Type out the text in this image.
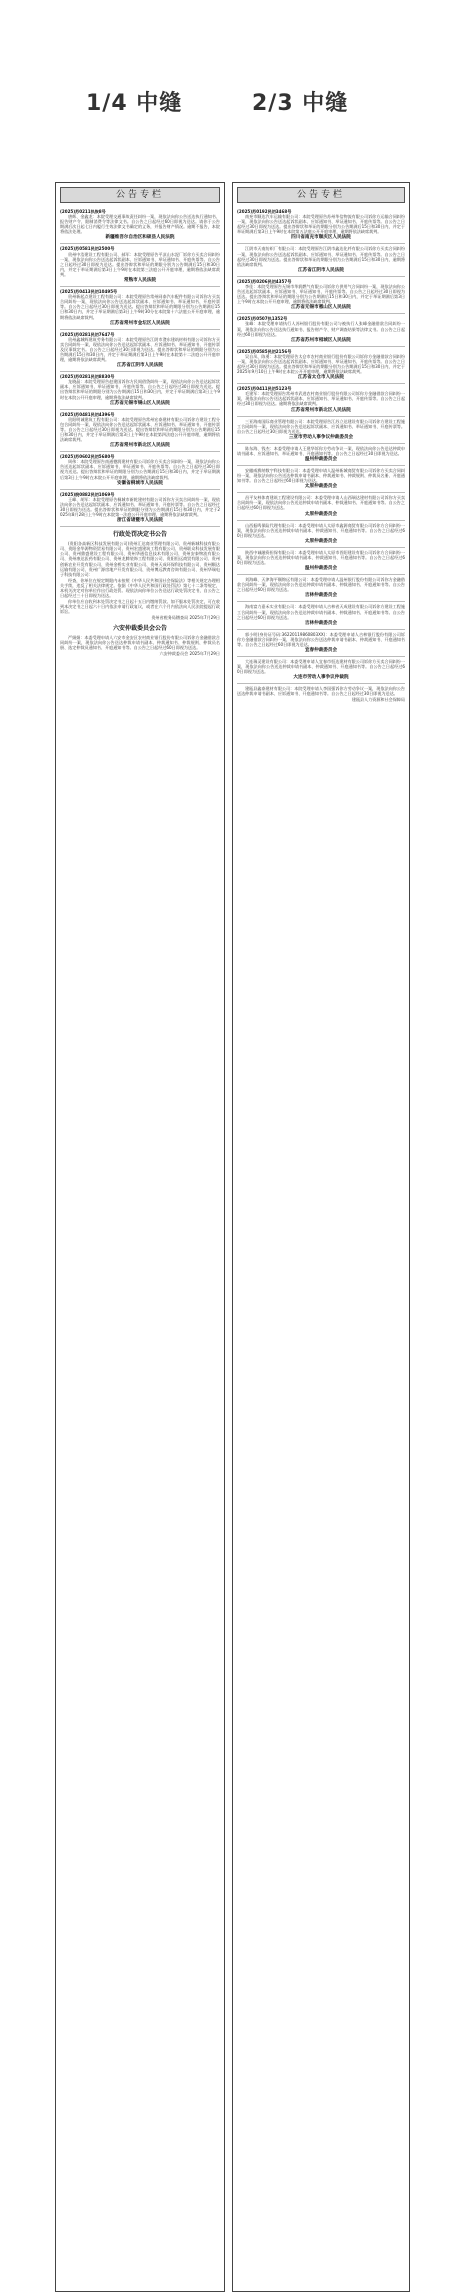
1/4 中缝	2/3 中缝
公告专栏
(2025)苏0211执恢8号

唐辉、金鑫龙：本院受理交通事故责任纠纷一案，现依法向你公告送达执行通知书、报告财产令、限制消费令等法律文书。自公告之日起经过60日即视为送达。请你于公告期满后次日起七日内履行生效法律文书确定的义务，并报告财产情况。逾期不报告，本院将依法处理。

新疆维吾尔自治区和硕县人民法院
(2025)苏0581民初2500号

贵州中浩建设工程有限公司、郝军：本院受理原告平凉山水泥厂诉你方买卖合同纠纷一案，现依法向你公告送达起诉状副本、应诉通知书、举证通知书、开庭传票等。自公告之日起经过30日即视为送达。提出答辩状和举证的期限分别为公告期满后15日和30日内，并定于举证期满后第3日上午9时在本院第三法庭公开开庭审理，逾期将依法缺席裁判。

常熟市人民法院
(2025)苏0413民初10495号

贵州新起点建设工程有限公司：本院受理原告常州同泰汽车配件有限公司诉你方买卖合同纠纷一案，现依法向你公告送达起诉状副本、应诉通知书、举证通知书、开庭传票等。自公告之日起经过30日即视为送达。提出答辩状和举证的期限分别为公告期满后15日和30日内，并定于举证期满后第3日上午9时30分在本院第十六法庭公开开庭审理，逾期将依法缺席裁判。

江苏省常州市金坛区人民法院
(2025)苏0281民初7647号

贵州鑫城辉建筑劳务有限公司：本院受理原告江阴市澄东建筑材料有限公司诉你方买卖合同纠纷一案，现依法向你公告送达起诉状副本、应诉通知书、举证通知书、开庭传票及民事裁定书。自公告之日起经过30日即视为送达。提出答辩状和举证的期限分别为公告期满后15日和30日内，并定于举证期满后第3日上午9时在本院第十二法庭公开开庭审理，逾期将依法缺席裁判。

江苏省江阴市人民法院
(2025)苏0281民初8830号

龙晓晶：本院受理原告赵建国诉你方民间借贷纠纷一案，现依法向你公告送达起诉状副本、应诉通知书、举证通知书、开庭传票等。自公告之日起经过30日即视为送达。提出答辩状和举证的期限分别为公告期满后15日和30日内，并定于举证期满后第3日上午9时在本院公开开庭审理，逾期将依法缺席裁判。

江苏省无锡市锡山区人民法院
(2025)苏0481民初4396号

贵阳明诚建筑工程有限公司：本院受理原告常州宏泰建材有限公司诉你方建设工程分包合同纠纷一案，现依法向你公告送达起诉状副本、应诉通知书、举证通知书、开庭传票等。自公告之日起经过30日即视为送达。提出答辩状和举证的期限分别为公告期满后15日和30日内，并定于举证期满后第3日上午9时在本院第四法庭公开开庭审理，逾期将依法缺席裁判。

江苏省常州市新北区人民法院
(2025)苏0602民初5680号

周伟：本院受理原告南通德润建材有限公司诉你方买卖合同纠纷一案，现依法向你公告送达起诉状副本、应诉通知书、举证通知书、开庭传票等。自公告之日起经过30日即视为送达。提出答辩状和举证的期限分别为公告期满后15日和30日内，并定于举证期满后第3日上午9时在本院公开开庭审理，逾期将依法缺席裁判。

安徽省桐城市人民法院
(2025)皖0882民初1069号

王峰、胡军：本院受理原告桐城市新乾建材有限公司诉你方买卖合同纠纷一案，现依法向你公告送达起诉状副本、应诉通知书、举证通知书、开庭传票等。自公告之日起经过30日即视为送达。提出答辩状和举证的期限分别为公告期满后15日和30日内，并定于2025年8月28日上午9时在本院第一法庭公开开庭审理，逾期将依法缺席裁判。

浙江省诸暨市人民法院
行政处罚决定书公告

(贵阳各高新区科技发展有限公司)贵州汇达商业管理有限公司、贵州新城科技有限公司、贵阳金华源物资贸易有限公司、贵州宏盛建筑工程有限公司、贵州联众科技发展有限公司、贵州鼎盛建设工程有限公司、贵州华通信息技术有限公司、贵州安泰物流有限公司、贵州康达医药有限公司、贵州龙腾装饰工程有限公司、贵阳恒远商贸有限公司、贵州创新农业开发有限公司、贵州金桥实业有限公司、贵州天成环保科技有限公司、贵州顺达运输有限公司、贵州广源房地产开发有限公司、贵州博远教育咨询有限公司、贵州华瑞电子科技有限公司：

经查，你单位在规定期限内未按照《中华人民共和国社会保险法》等相关规定办理相关手续，违反了相关法律规定。依据《中华人民共和国行政处罚法》第七十二条等规定，本机关决定对你单位作出行政处罚。现依法向你单位公告送达行政处罚决定书，自公告之日起经过三十日即视为送达。

你单位应自收到本处罚决定书之日起十五日内缴纳罚款。如不服本处罚决定，可在收到本决定书之日起六十日内依法申请行政复议，或者在六个月内依法向人民法院提起行政诉讼。

贵州省税务局稽查局 2025年7月29日
六安仲裁委员会公告

严娟娟：本委受理申请人六安市金安区农村商业银行股份有限公司诉你方金融借款合同纠纷一案，现依法向你公告送达仲裁申请书副本、仲裁通知书、仲裁规则、仲裁员名册、选定仲裁员通知书、开庭通知书等。自公告之日起经过60日即视为送达。

六安仲裁委员会 2025年7月29日
公告专栏
(2025)苏0192民初3468号

南充市顺达汽车运输有限公司：本院受理原告苏州华信物流有限公司诉你方运输合同纠纷一案，现依法向你公告送达起诉状副本、应诉通知书、举证通知书、开庭传票等。自公告之日起经过30日即视为送达。提出答辩状和举证的期限分别为公告期满后15日和30日内，并定于举证期满后第3日上午9时在本院第五法庭公开开庭审理，逾期将依法缺席裁判。

四川省南充市顺庆区人民法院

江阴市天南纺织厂有限公司：本院受理原告江阴市鑫达化纤有限公司诉你方买卖合同纠纷一案，现依法向你公告送达起诉状副本、应诉通知书、举证通知书、开庭传票等。自公告之日起经过30日即视为送达。提出答辩状和举证的期限分别为公告期满后15日和30日内，逾期将依法缺席裁判。

江苏省江阴市人民法院
(2025)苏0206民初4357号

李佳：本院受理原告无锡市华润燃气有限公司诉你方供用气合同纠纷一案，现依法向你公告送达起诉状副本、应诉通知书、举证通知书、开庭传票等。自公告之日起经过30日即视为送达。提出答辩状和举证的期限分别为公告期满后15日和30日内，并定于举证期满后第3日上午9时在本院公开开庭审理，逾期将依法缺席裁判。

江苏省无锡市惠山区人民法院
(2025)苏0507执1352号

张峰：本院受理申请执行人苏州银行股份有限公司与被执行人张峰金融借款合同纠纷一案，现依法向你公告送达执行通知书、报告财产令、财产调查结果等法律文书。自公告之日起经过60日即视为送达。

江苏省苏州市相城区人民法院
(2025)苏0585民初2156号

吴自凤、陈勇：本院受理原告太仓市农村商业银行股份有限公司诉你方金融借款合同纠纷一案，现依法向你公告送达起诉状副本、应诉通知书、举证通知书、开庭传票等。自公告之日起经过30日即视为送达。提出答辩状和举证的期限分别为公告期满后15日和30日内，并定于2025年9月10日上午9时在本院公开开庭审理，逾期将依法缺席裁判。

江苏省太仓市人民法院
(2025)苏0411民初5123号

毛建军：本院受理原告常州市武进农村商业银行股份有限公司诉你方金融借款合同纠纷一案，现依法向你公告送达起诉状副本、应诉通知书、举证通知书、开庭传票等。自公告之日起经过30日即视为送达。逾期将依法缺席裁判。

江苏省常州市新北区人民法院

三亚海南国际商业管理有限公司：本院受理原告江苏立达建设有限公司诉你方建设工程施工合同纠纷一案，现依法向你公告送达起诉状副本、应诉通知书、举证通知书、开庭传票等。自公告之日起经过30日即视为送达。

三亚市劳动人事争议仲裁委员会

陈东海、钱杰：本委受理申请人王建华诉你方劳动争议一案，现依法向你公告送达仲裁申请书副本、应诉通知书、举证通知书、开庭通知书等。自公告之日起经过30日即视为送达。

温州仲裁委员会

安徽威赛纳数字科技有限公司：本委受理申请人温州新城商贸有限公司诉你方买卖合同纠纷一案，现依法向你公告送达仲裁申请书副本、仲裁通知书、仲裁规则、仲裁员名册、开庭通知书等。自公告之日起经过60日即视为送达。

太原仲裁委员会

昌平友林体育建筑工程建设有限公司：本委受理申请人山西瑞达建材有限公司诉你方买卖合同纠纷一案，现依法向你公告送达仲裁申请书副本、仲裁通知书、开庭通知书等。自公告之日起经过60日即视为送达。

太原仲裁委员会

山西振鸣保险代理有限公司：本委受理申请人太原市鑫源商贸有限公司诉你方合同纠纷一案，现依法向你公告送达仲裁申请书副本、仲裁通知书、开庭通知书等。自公告之日起经过60日即视为送达。

太原仲裁委员会

陕西中诚融资担保有限公司：本委受理申请人太原市晋阳建设有限公司诉你方合同纠纷一案，现依法向你公告送达仲裁申请书副本、仲裁通知书、开庭通知书等。自公告之日起经过60日即视为送达。

温州仲裁委员会

刘海峰、天津海平顺锦远有限公司：本委受理申请人温州银行股份有限公司诉你方金融借款合同纠纷一案，现依法向你公告送达仲裁申请书副本、仲裁通知书、开庭通知书等。自公告之日起经过60日即视为送达。

吉林仲裁委员会

海南富力嘉禾实业有限公司：本委受理申请人吉林省天成建设有限公司诉你方建设工程施工合同纠纷一案，现依法向你公告送达仲裁申请书副本、仲裁通知书、开庭通知书等。自公告之日起经过60日即视为送达。

吉林仲裁委员会

郭小明(身份证号码:36220119860803XX)：本委受理申请人吉林银行股份有限公司诉你方金融借款合同纠纷一案，现依法向你公告送达仲裁申请书副本、仲裁通知书、开庭通知书等。自公告之日起经过60日即视为送达。

宜春仲裁委员会

大连瑞灵建设有限公司：本委受理申请人宜春市恒达建材有限公司诉你方买卖合同纠纷一案，现依法向你公告送达仲裁申请书副本、仲裁通知书、开庭通知书等。自公告之日起经过60日即视为送达。

大连市劳动人事争议仲裁院

建瓯县鑫泰建材有限公司：本院受理申请人李国强诉你方劳动争议一案，现依法向你公告送达仲裁申请书副本、应诉通知书、开庭通知书等。自公告之日起经过30日即视为送达。

建瓯县人力资源和社会保障局
